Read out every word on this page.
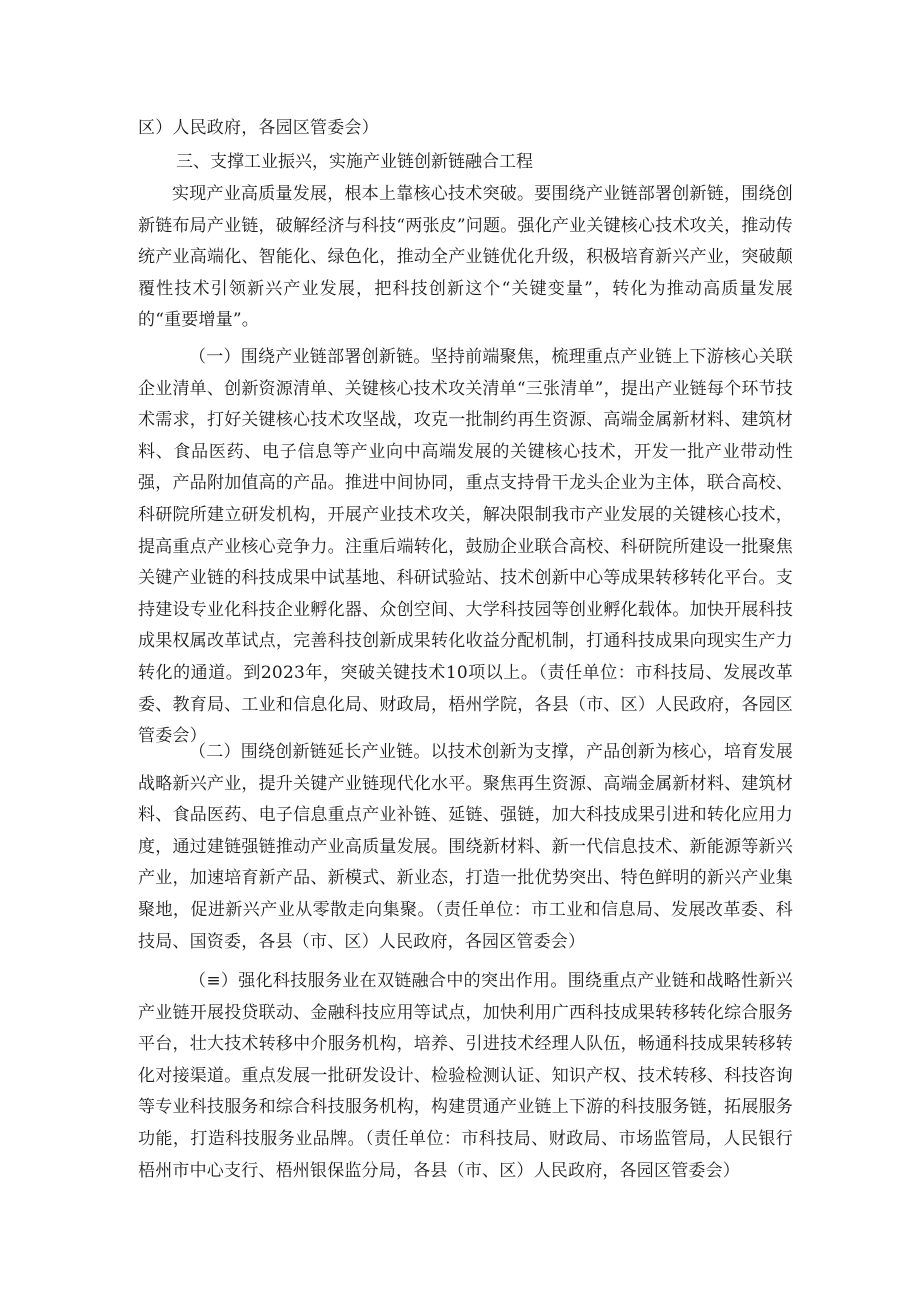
区）人民政府，各园区管委会）
三、支撑工业振兴，实施产业链创新链融合工程

实现产业高质量发展，根本上靠核心技术突破。要围绕产业链部署创新链，围绕创新链布局产业链，破解经济与科技“两张皮”问题。强化产业关键核心技术攻关，推动传统产业高端化、智能化、绿色化，推动全产业链优化升级，积极培育新兴产业，突破颠覆性技术引领新兴产业发展，把科技创新这个“关键变量”，转化为推动高质量发展的“重要增量”。

（一）围绕产业链部署创新链。坚持前端聚焦，梳理重点产业链上下游核心关联企业清单、创新资源清单、关键核心技术攻关清单“三张清单”，提出产业链每个环节技术需求，打好关键核心技术攻坚战，攻克一批制约再生资源、高端金属新材料、建筑材料、食品医药、电子信息等产业向中高端发展的关键核心技术，开发一批产业带动性强，产品附加值高的产品。推进中间协同，重点支持骨干龙头企业为主体，联合高校、科研院所建立研发机构，开展产业技术攻关，解决限制我市产业发展的关键核心技术，提高重点产业核心竞争力。注重后端转化，鼓励企业联合高校、科研院所建设一批聚焦关键产业链的科技成果中试基地、科研试验站、技术创新中心等成果转移转化平台。支持建设专业化科技企业孵化器、众创空间、大学科技园等创业孵化载体。加快开展科技成果权属改革试点，完善科技创新成果转化收益分配机制，打通科技成果向现实生产力转化的通道。到2023年，突破关键技术10项以上。（责任单位：市科技局、发展改革委、教育局、工业和信息化局、财政局，梧州学院，各县（市、区）人民政府，各园区管委会）

（二）围绕创新链延长产业链。以技术创新为支撑，产品创新为核心，培育发展战略新兴产业，提升关键产业链现代化水平。聚焦再生资源、高端金属新材料、建筑材料、食品医药、电子信息重点产业补链、延链、强链，加大科技成果引进和转化应用力度，通过建链强链推动产业高质量发展。围绕新材料、新一代信息技术、新能源等新兴产业，加速培育新产品、新模式、新业态，打造一批优势突出、特色鲜明的新兴产业集聚地，促进新兴产业从零散走向集聚。（责任单位：市工业和信息局、发展改革委、科技局、国资委，各县（市、区）人民政府，各园区管委会）

（≡）强化科技服务业在双链融合中的突出作用。围绕重点产业链和战略性新兴产业链开展投贷联动、金融科技应用等试点，加快利用广西科技成果转移转化综合服务平台，壮大技术转移中介服务机构，培养、引进技术经理人队伍，畅通科技成果转移转化对接渠道。重点发展一批研发设计、检验检测认证、知识产权、技术转移、科技咨询等专业科技服务和综合科技服务机构，构建贯通产业链上下游的科技服务链，拓展服务功能，打造科技服务业品牌。（责任单位：市科技局、财政局、市场监管局，人民银行梧州市中心支行、梧州银保监分局，各县（市、区）人民政府，各园区管委会）
